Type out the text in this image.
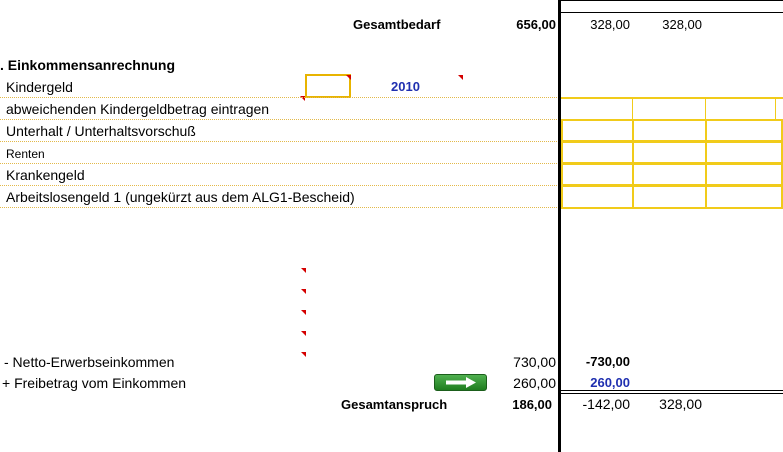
Gesamtbedarf	656,00	328,00	328,00
. Einkommensanrechnung
Kindergeld	2010
abweichenden Kindergeldbetrag eintragen
Unterhalt / Unterhaltsvorschuß
Renten
Krankengeld
Arbeitslosengeld 1 (ungekürzt aus dem ALG1-Bescheid)
- Netto-Erwerbseinkommen	730,00	-730,00
+ Freibetrag vom Einkommen	260,00	260,00
Gesamtanspruch	186,00	-142,00	328,00
